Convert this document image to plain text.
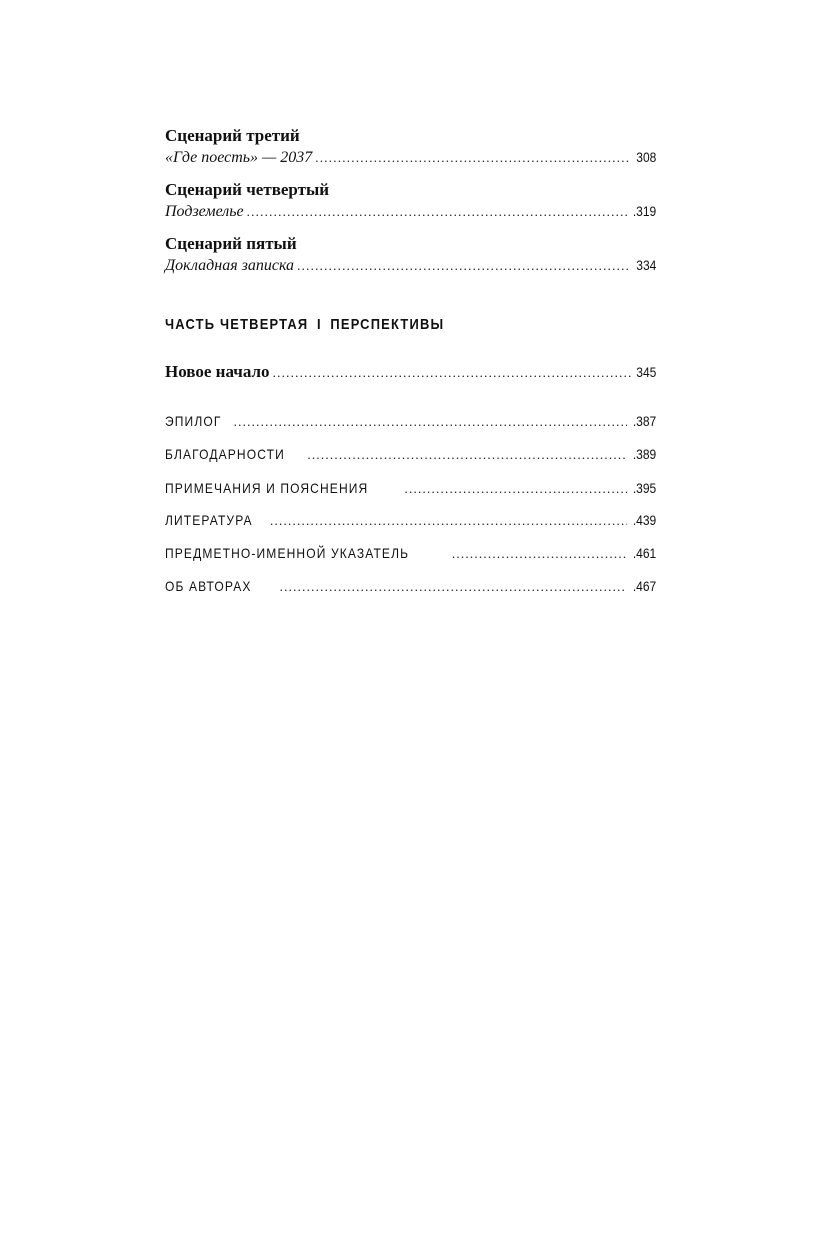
Сценарий третий
«Где поесть» — 2037 . . .	308
Сценарий четвертый
Подземелье . . .	.319
Сценарий пятый
Докладная записка . . .	334
ЧАСТЬ ЧЕТВЕРТАЯ I ПЕРСПЕКТИВЫ
Новое начало . . .	345
ЭПИЛОГ . . .	.387
БЛАГОДАРНОСТИ . . .	.389
ПРИМЕЧАНИЯ И ПОЯСНЕНИЯ . . .	.395
ЛИТЕРАТУРА . . .	.439
ПРЕДМЕТНО-ИМЕННОЙ УКАЗАТЕЛЬ . . .	.461
ОБ АВТОРАХ . . .	.467
